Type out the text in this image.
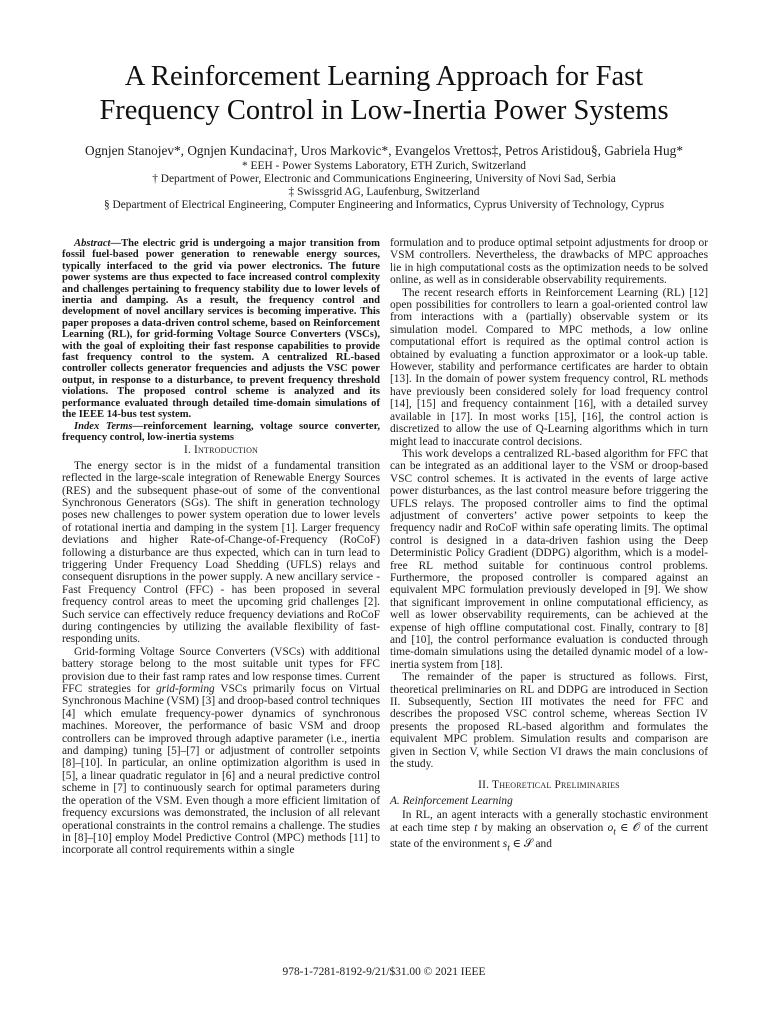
A Reinforcement Learning Approach for Fast
Frequency Control in Low-Inertia Power Systems
Ognjen Stanojev*, Ognjen Kundacina†, Uros Markovic*, Evangelos Vrettos‡, Petros Aristidou§, Gabriela Hug*
* EEH - Power Systems Laboratory, ETH Zurich, Switzerland
† Department of Power, Electronic and Communications Engineering, University of Novi Sad, Serbia
‡ Swissgrid AG, Laufenburg, Switzerland
§ Department of Electrical Engineering, Computer Engineering and Informatics, Cyprus University of Technology, Cyprus

Abstract—The electric grid is undergoing a major transition from fossil fuel-based power generation to renewable energy sources, typically interfaced to the grid via power electronics. The future power systems are thus expected to face increased control complexity and challenges pertaining to frequency stability due to lower levels of inertia and damping. As a result, the frequency control and development of novel ancillary services is becoming imperative. This paper proposes a data-driven control scheme, based on Reinforcement Learning (RL), for grid-forming Voltage Source Converters (VSCs), with the goal of exploiting their fast response capabilities to provide fast frequency control to the system. A centralized RL-based controller collects generator frequencies and adjusts the VSC power output, in response to a disturbance, to prevent frequency threshold violations. The proposed control scheme is analyzed and its performance evaluated through detailed time-domain simulations of the IEEE 14-bus test system.

Index Terms—reinforcement learning, voltage source converter, frequency control, low-inertia systems

I. Introduction

The energy sector is in the midst of a fundamental transition reflected in the large-scale integration of Renewable Energy Sources (RES) and the subsequent phase-out of some of the conventional Synchronous Generators (SGs). The shift in generation technology poses new challenges to power system operation due to lower levels of rotational inertia and damping in the system [1]. Larger frequency deviations and higher Rate-of-Change-of-Frequency (RoCoF) following a disturbance are thus expected, which can in turn lead to triggering Under Frequency Load Shedding (UFLS) relays and consequent disruptions in the power supply. A new ancillary service - Fast Frequency Control (FFC) - has been proposed in several frequency control areas to meet the upcoming grid challenges [2]. Such service can effectively reduce frequency deviations and RoCoF during contingencies by utilizing the available flexibility of fast-responding units.

Grid-forming Voltage Source Converters (VSCs) with additional battery storage belong to the most suitable unit types for FFC provision due to their fast ramp rates and low response times. Current FFC strategies for grid-forming VSCs primarily focus on Virtual Synchronous Machine (VSM) [3] and droop-based control techniques [4] which emulate frequency-power dynamics of synchronous machines. Moreover, the performance of basic VSM and droop controllers can be improved through adaptive parameter (i.e., inertia and damping) tuning [5]–[7] or adjustment of controller setpoints [8]–[10]. In particular, an online optimization algorithm is used in [5], a linear quadratic regulator in [6] and a neural predictive control scheme in [7] to continuously search for optimal parameters during the operation of the VSM. Even though a more efficient limitation of frequency excursions was demonstrated, the inclusion of all relevant operational constraints in the control remains a challenge. The studies in [8]–[10] employ Model Predictive Control (MPC) methods [11] to incorporate all control requirements within a single

formulation and to produce optimal setpoint adjustments for droop or VSM controllers. Nevertheless, the drawbacks of MPC approaches lie in high computational costs as the optimization needs to be solved online, as well as in considerable observability requirements.

The recent research efforts in Reinforcement Learning (RL) [12] open possibilities for controllers to learn a goal-oriented control law from interactions with a (partially) observable system or its simulation model. Compared to MPC methods, a low online computational effort is required as the optimal control action is obtained by evaluating a function approximator or a look-up table. However, stability and performance certificates are harder to obtain [13]. In the domain of power system frequency control, RL methods have previously been considered solely for load frequency control [14], [15] and frequency containment [16], with a detailed survey available in [17]. In most works [15], [16], the control action is discretized to allow the use of Q-Learning algorithms which in turn might lead to inaccurate control decisions.

This work develops a centralized RL-based algorithm for FFC that can be integrated as an additional layer to the VSM or droop-based VSC control schemes. It is activated in the events of large active power disturbances, as the last control measure before triggering the UFLS relays. The proposed controller aims to find the optimal adjustment of converters’ active power setpoints to keep the frequency nadir and RoCoF within safe operating limits. The optimal control is designed in a data-driven fashion using the Deep Deterministic Policy Gradient (DDPG) algorithm, which is a model-free RL method suitable for continuous control problems. Furthermore, the proposed controller is compared against an equivalent MPC formulation previously developed in [9]. We show that significant improvement in online computational efficiency, as well as lower observability requirements, can be achieved at the expense of high offline computational cost. Finally, contrary to [8] and [10], the control performance evaluation is conducted through time-domain simulations using the detailed dynamic model of a low-inertia system from [18].

The remainder of the paper is structured as follows. First, theoretical preliminaries on RL and DDPG are introduced in Section II. Subsequently, Section III motivates the need for FFC and describes the proposed VSC control scheme, whereas Section IV presents the proposed RL-based algorithm and formulates the equivalent MPC problem. Simulation results and comparison are given in Section V, while Section VI draws the main conclusions of the study.

II. Theoretical Preliminaries
A. Reinforcement Learning

In RL, an agent interacts with a generally stochastic environment at each time step t by making an observation $o_t$ ∈ 𝒪 of the current state of the environment $s_t$ ∈ 𝒮 and

978-1-7281-8192-9/21/$31.00 © 2021 IEEE
